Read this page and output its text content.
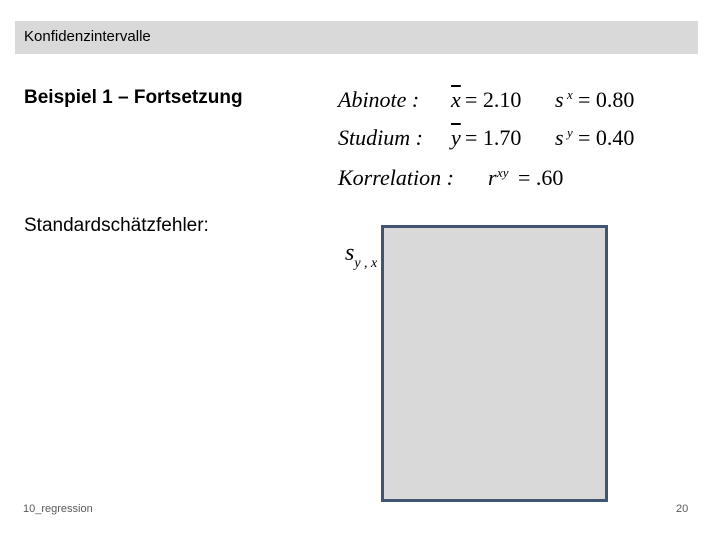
Konfidenzintervalle
Beispiel 1 – Fortsetzung	Abinote : $\overline{x} = 2.10$ s x = 0.80
Studium : $\overline{y} = 1.70$ s y = 0.40
Korrelation : r xy = .60
Standardschätzfehler:
$s_{y , x}$
10_regression	20
